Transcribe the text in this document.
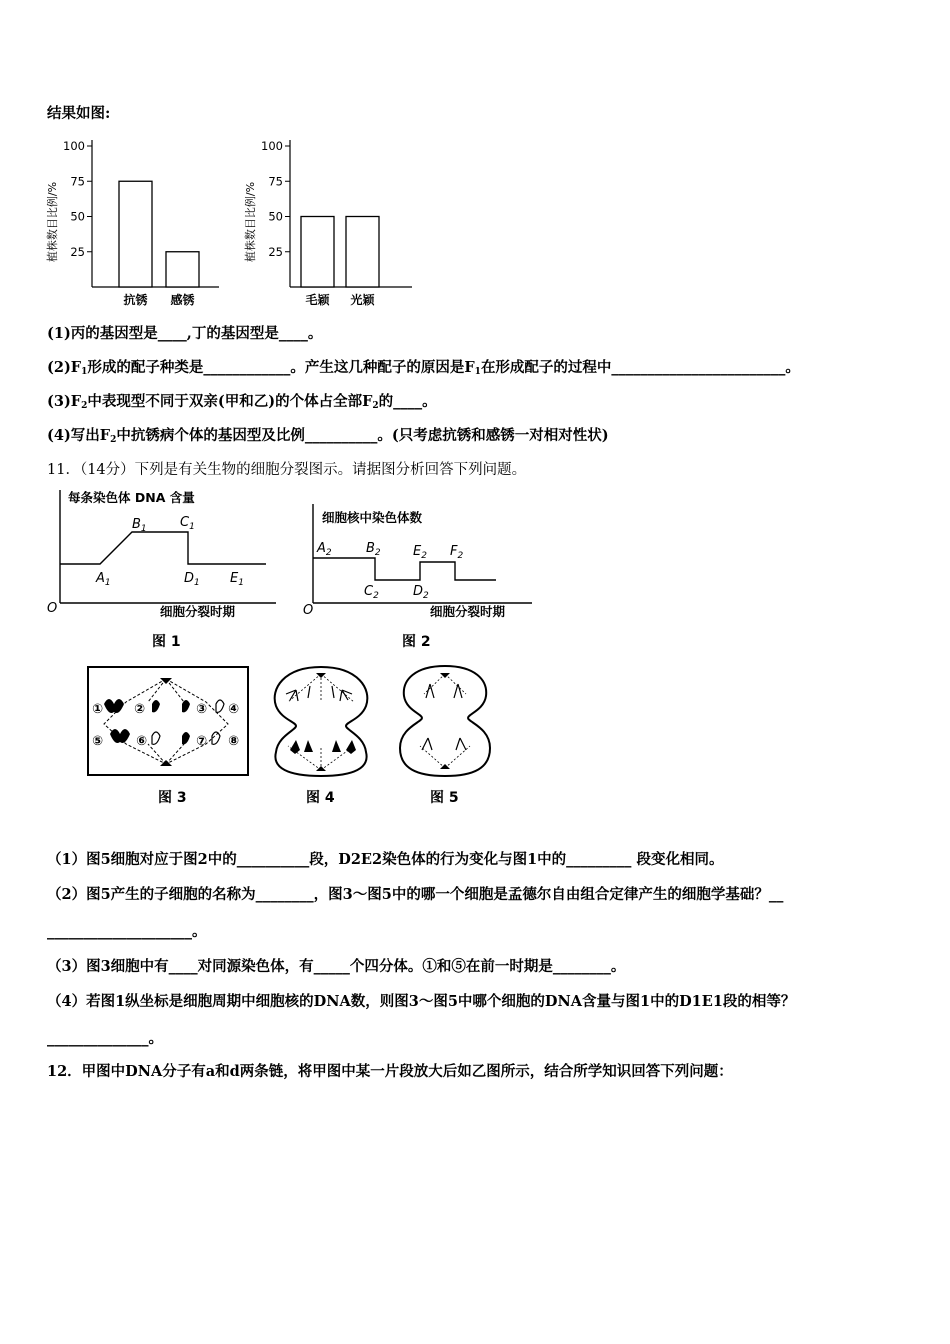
结果如图:
植株数目比例/% 25
50
75
100
抗锈 感锈
植株数目比例/% 25
50
75
100
毛颖 光颖
(1)丙的基因型是____,丁的基因型是____。
$(2)F_1$形成的配子种类是____________。产生这几种配子的原因是$F_1$在形成配子的过程中________________________。
$(3)F_2$中表现型不同于双亲(甲和乙)的个体占全部$F_2$的____。
(4)写出$F_2$中抗锈病个体的基因型及比例__________。(只考虑抗锈和感锈一对相对性状)
11．（14分）下列是有关生物的细胞分裂图示。请据图分析回答下列问题。
每条染色体 DNA 含量
$A_1$
$B_1$	$C_1$
$D_1$ $E_1$
O	细胞分裂时期
图 1
细胞核中染色体数
$A_2$	$B_2$
$C_2$	$D_2$
$E_2$ $F_2$
O	细胞分裂时期
图 2
① ②	③ ④
⑤	⑥	⑦ ⑧
图 3	图 4	图 5
（1）图5细胞对应于图2中的__________段，D2E2染色体的行为变化与图1中的_________ 段变化相同。
（2）图5产生的子细胞的名称为________，图3～图5中的哪一个细胞是孟德尔自由组合定律产生的细胞学基础？__
____________________。
（3）图3细胞中有____对同源染色体，有_____个四分体。①和⑤在前一时期是________。
（4）若图1纵坐标是细胞周期中细胞核的DNA数，则图3～图5中哪个细胞的DNA含量与图1中的D1E1段的相等？
______________。
12．甲图中DNA分子有a和d两条链，将甲图中某一片段放大后如乙图所示，结合所学知识回答下列问题：
